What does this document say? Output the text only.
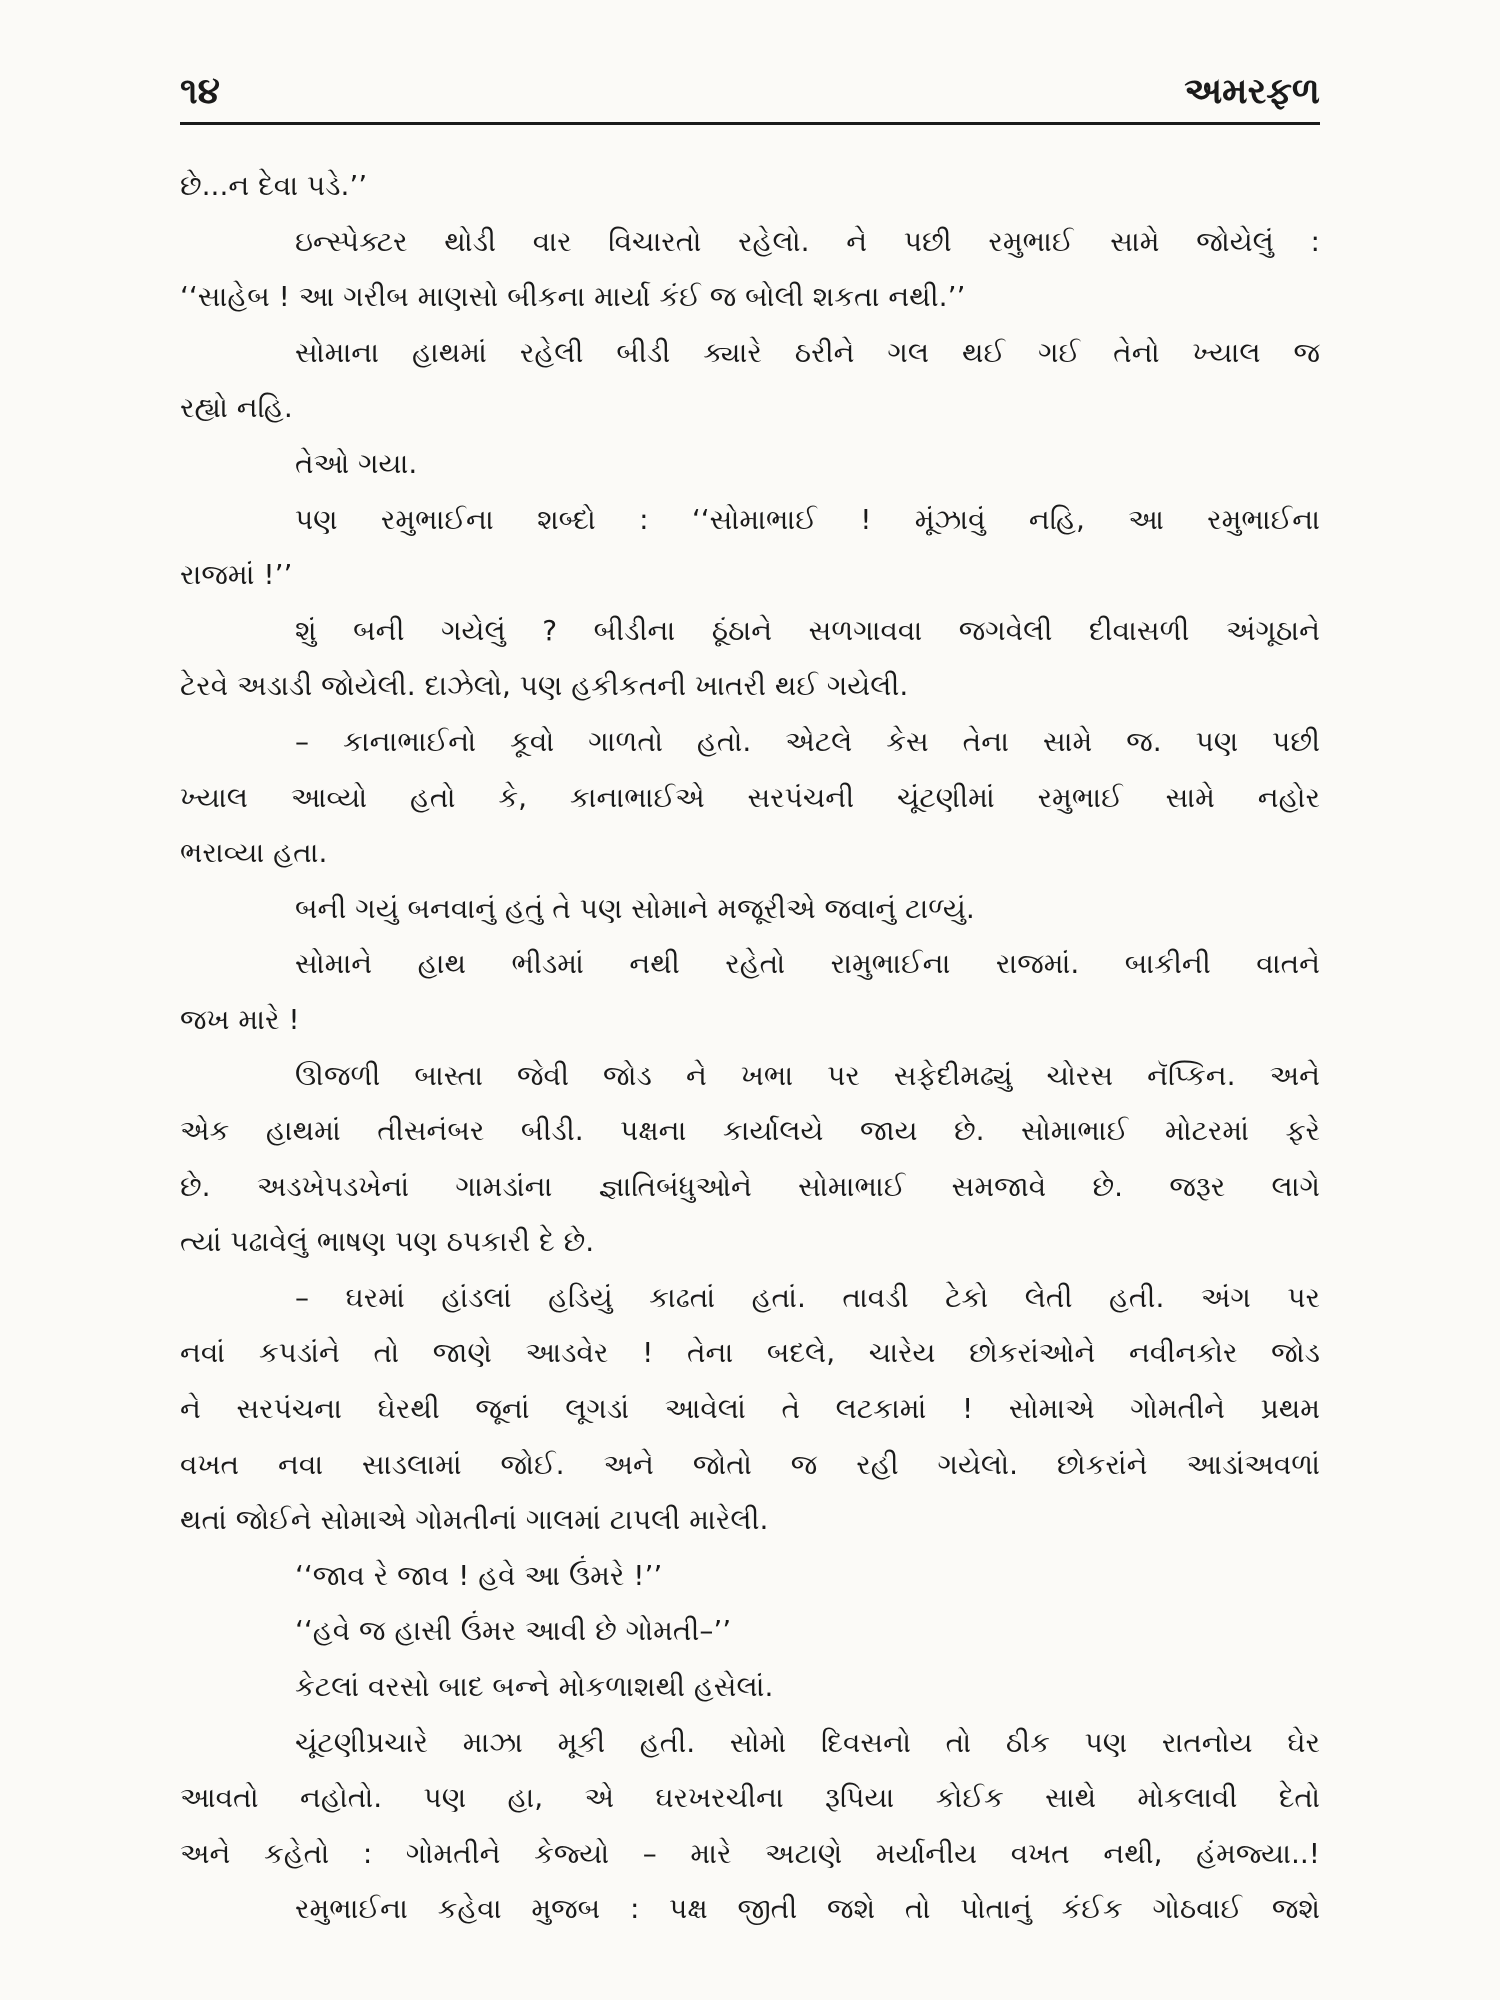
૧૪	અમરફળ
છે...ન દેવા પડે.’’
ઇન્સ્પેક્ટર થોડી વાર વિચારતો રહેલો. ને પછી રમુભાઈ સામે જોયેલું :
‘‘સાહેબ ! આ ગરીબ માણસો બીકના માર્યા કંઈ જ બોલી શકતા નથી.’’
સોમાના હાથમાં રહેલી બીડી ક્યારે ઠરીને ગલ થઈ ગઈ તેનો ખ્યાલ જ
રહ્યો નહિ.
તેઓ ગયા.
પણ રમુભાઈના શબ્દો : ‘‘સોમાભાઈ ! મૂંઝાવું નહિ, આ રમુભાઈના
રાજમાં !’’
શું બની ગયેલું ? બીડીના ઠૂંઠાને સળગાવવા જગવેલી દીવાસળી અંગૂઠાને
ટેરવે અડાડી જોયેલી. દાઝેલો, પણ હકીકતની ખાતરી થઈ ગયેલી.
– કાનાભાઈનો કૂવો ગાળતો હતો. એટલે કેસ તેના સામે જ. પણ પછી
ખ્યાલ આવ્યો હતો કે, કાનાભાઈએ સરપંચની ચૂંટણીમાં રમુભાઈ સામે નહોર
ભરાવ્યા હતા.
બની ગયું બનવાનું હતું તે પણ સોમાને મજૂરીએ જવાનું ટાળ્યું.
સોમાને હાથ ભીડમાં નથી રહેતો રામુભાઈના રાજમાં. બાકીની વાતને
જખ મારે !
ઊજળી બાસ્તા જેવી જોડ ને ખભા પર સફેદીમઢ્યું ચોરસ નૅપ્કિન. અને
એક હાથમાં તીસનંબર બીડી. પક્ષના કાર્યાલયે જાય છે. સોમાભાઈ મોટરમાં ફરે
છે. અડખેપડખેનાં ગામડાંના જ્ઞાતિબંધુઓને સોમાભાઈ સમજાવે છે. જરૂર લાગે
ત્યાં પઢાવેલું ભાષણ પણ ઠપકારી દે છે.
– ઘરમાં હાંડલાં હડિયું કાઢતાં હતાં. તાવડી ટેકો લેતી હતી. અંગ પર
નવાં કપડાંને તો જાણે આડવેર ! તેના બદલે, ચારેય છોકરાંઓને નવીનકોર જોડ
ને સરપંચના ઘેરથી જૂનાં લૂગડાં આવેલાં તે લટકામાં ! સોમાએ ગોમતીને પ્રથમ
વખત નવા સાડલામાં જોઈ. અને જોતો જ રહી ગયેલો. છોકરાંને આડાંઅવળાં
થતાં જોઈને સોમાએ ગોમતીનાં ગાલમાં ટાપલી મારેલી.
‘‘જાવ રે જાવ ! હવે આ ઉંમરે !’’
‘‘હવે જ હાસી ઉંમર આવી છે ગોમતી–’’
કેટલાં વરસો બાદ બન્ને મોકળાશથી હસેલાં.
ચૂંટણીપ્રચારે માઝા મૂકી હતી. સોમો દિવસનો તો ઠીક પણ રાતનોય ઘેર
આવતો નહોતો. પણ હા, એ ઘરખરચીના રૂપિયા કોઈક સાથે મોકલાવી દેતો
અને કહેતો : ગોમતીને કેજ્યો – મારે અટાણે મર્યાનીય વખત નથી, હંમજ્યા..!
રમુભાઈના કહેવા મુજબ : પક્ષ જીતી જશે તો પોતાનું કંઈક ગોઠવાઈ જશે
